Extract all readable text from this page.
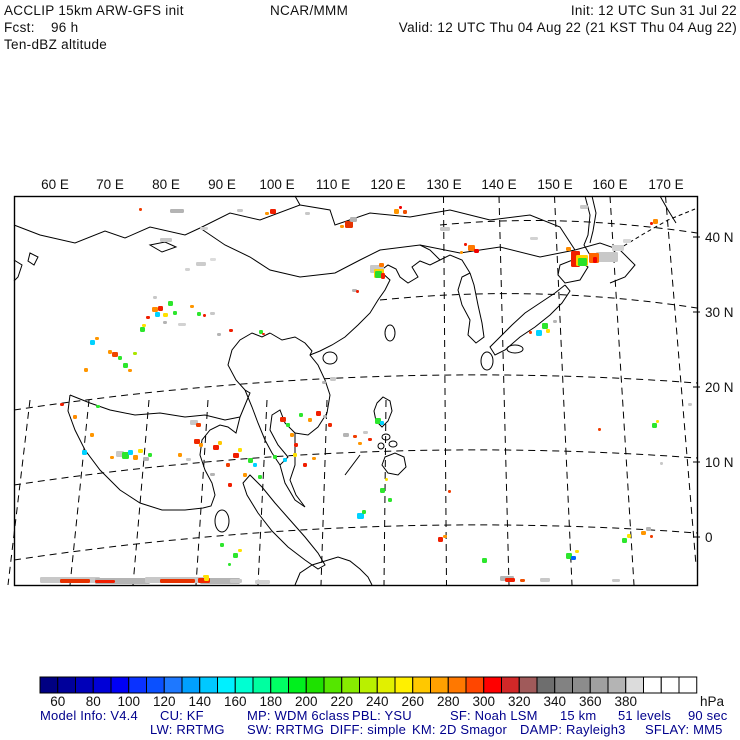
ACCLIP 15km ARW-GFS init
Fcst:    96 h
Ten-dBZ altitude
NCAR/MMM	Init: 12 UTC Sun 31 Jul 22
Valid: 12 UTC Thu 04 Aug 22 (21 KST Thu 04 Aug 22)
60 E 70 E 80 E 90 E 100 E 110 E 120 E 130 E 140 E 150 E 160 E 170 E
40 N
30 N
20 N
10 N
0
60 80 100 120 140 160 180 200 220 240 260 280 300 320 340 360 380	hPa
Model Info: V4.4 CU: KF	MP: WDM 6class PBL: YSU	SF: Noah LSM 15 km 51 levels 90 sec
LW: RRTMG SW: RRTMG DIFF: simple KM: 2D Smagor DAMP: Rayleigh3 SFLAY: MM5
